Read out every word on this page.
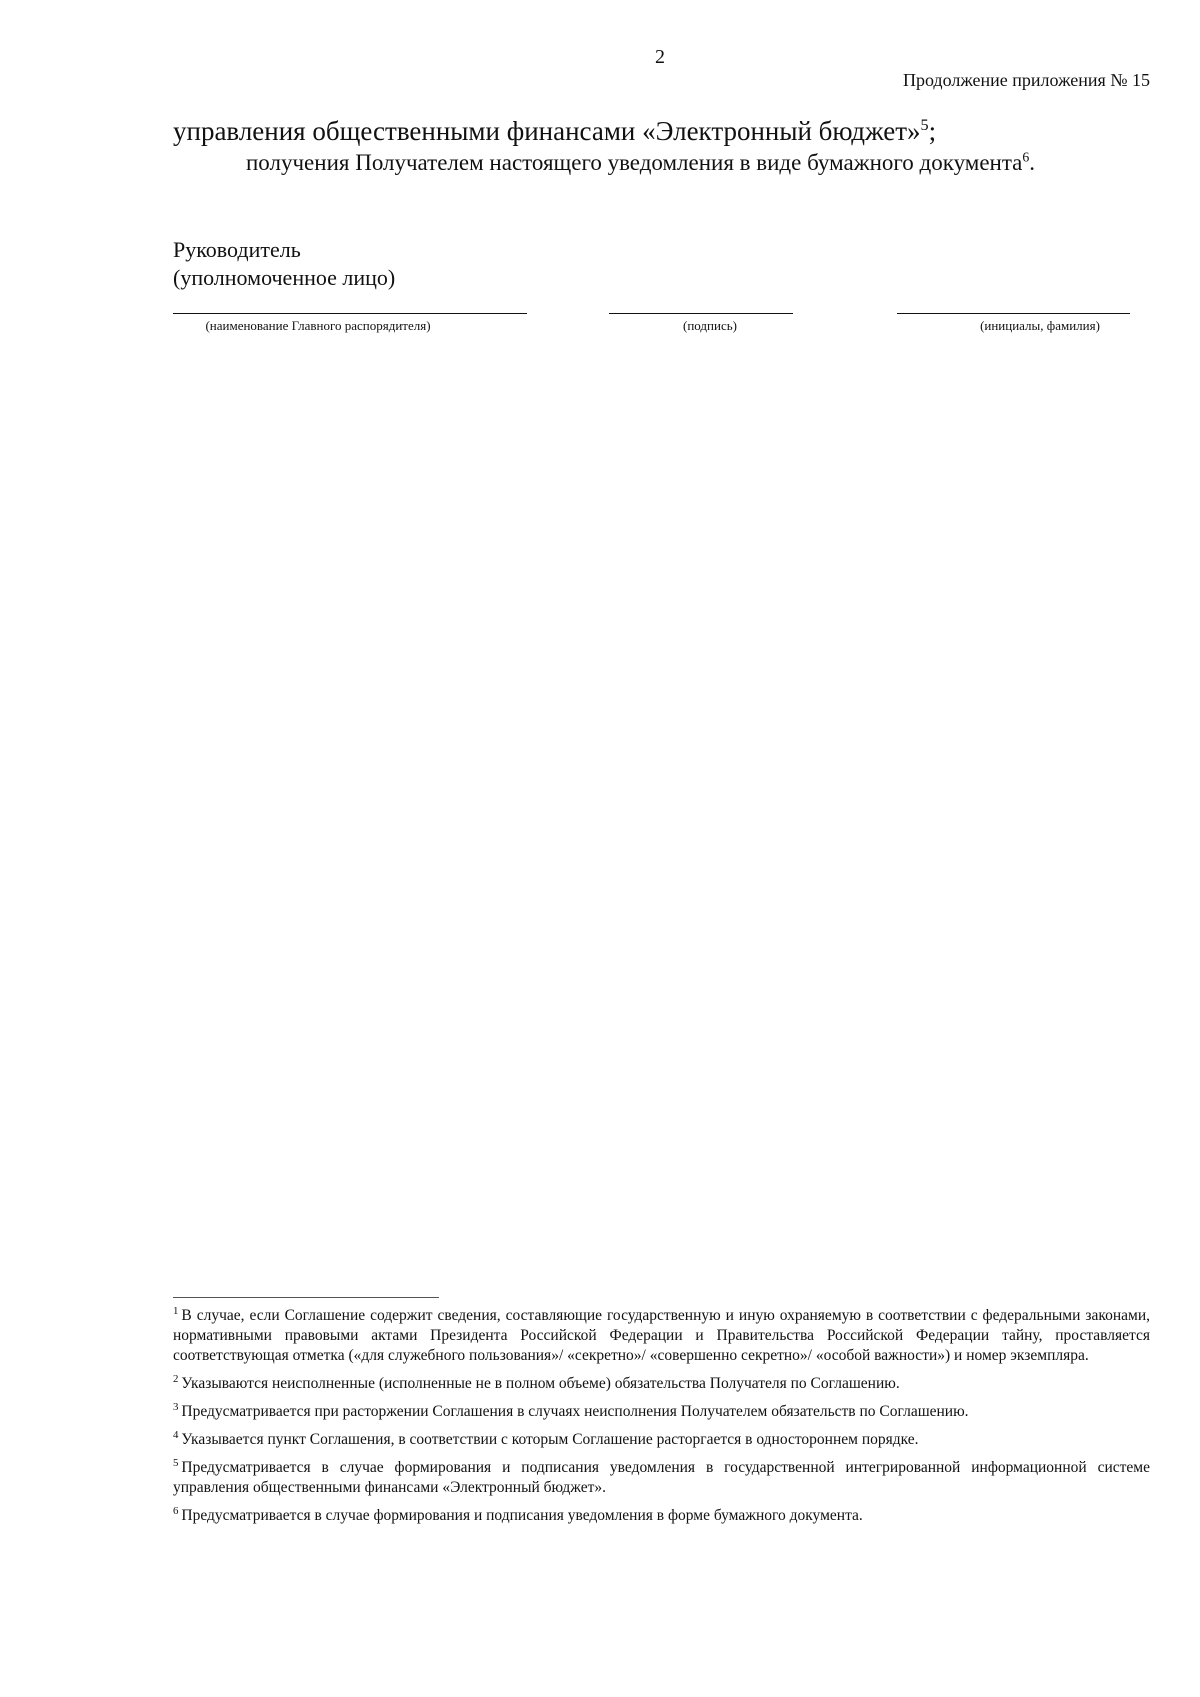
2
Продолжение приложения № 15
управления общественными финансами «Электронный бюджет»$^5$;
получения Получателем настоящего уведомления в виде бумажного документа$^6$.
Руководитель
(уполномоченное лицо)
(наименование Главного распорядителя)	(подпись)	(инициалы, фамилия)

$^1$ В случае, если Соглашение содержит сведения, составляющие государственную и иную охраняемую в соответствии с федеральными законами, нормативными правовыми актами Президента Российской Федерации и Правительства Российской Федерации тайну, проставляется соответствующая отметка («для служебного пользования»/ «секретно»/ «совершенно секретно»/ «особой важности») и номер экземпляра.

$^2$ Указываются неисполненные (исполненные не в полном объеме) обязательства Получателя по Соглашению.

$^3$ Предусматривается при расторжении Соглашения в случаях неисполнения Получателем обязательств по Соглашению.

$^4$ Указывается пункт Соглашения, в соответствии с которым Соглашение расторгается в одностороннем порядке.

$^5$ Предусматривается в случае формирования и подписания уведомления в государственной интегрированной информационной системе управления общественными финансами «Электронный бюджет».

$^6$ Предусматривается в случае формирования и подписания уведомления в форме бумажного документа.
